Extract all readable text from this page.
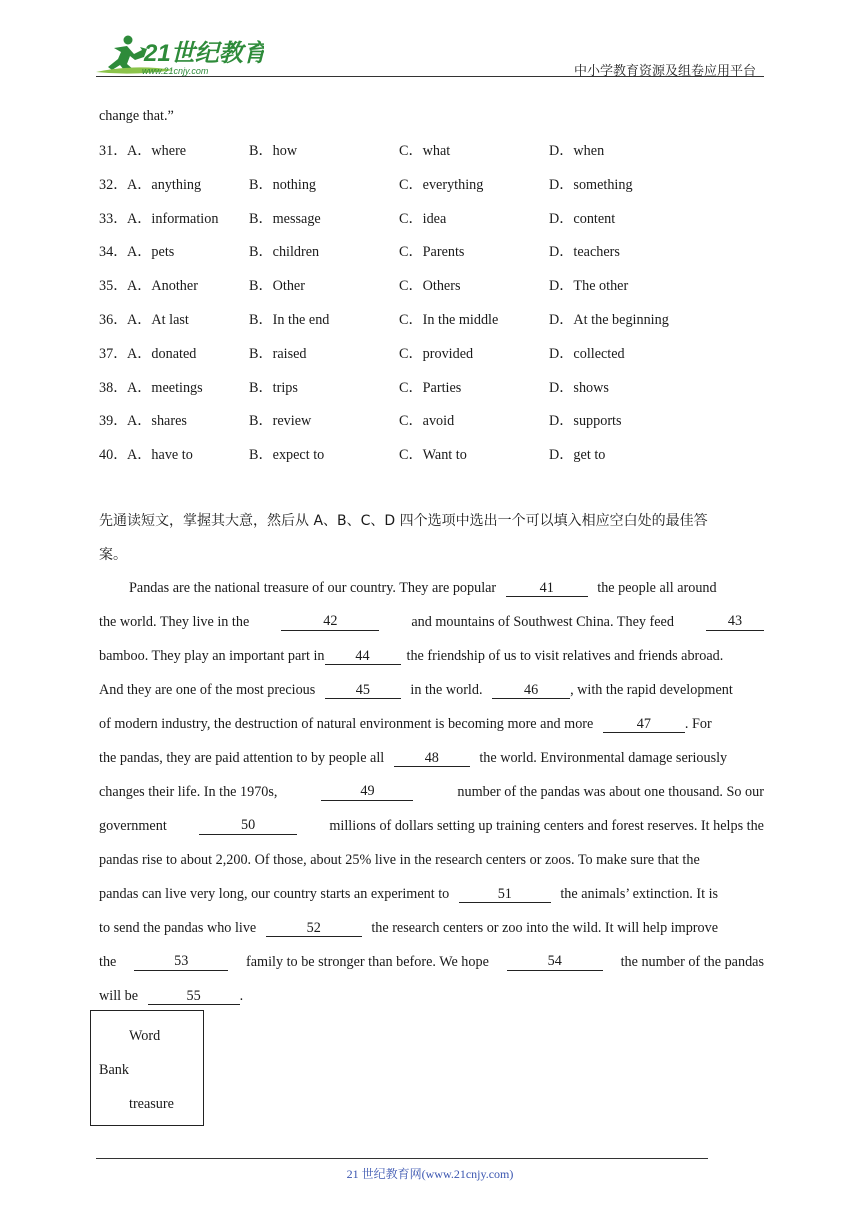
21世纪教育
www.21cnjy.com	中小学教育资源及组卷应用平台
change that.”
31． A．where	B．how	C．what	D．when
32． A．anything	B．nothing	C．everything	D．something
33． A．information B．message	C．idea	D．content
34． A．pets	B．children	C．Parents	D．teachers
35． A．Another	B．Other	C．Others	D．The other
36． A．At last	B．In the end	C．In the middle	D．At the beginning
37． A．donated	B．raised	C．provided	D．collected
38． A．meetings	B．trips	C．Parties	D．shows
39． A．shares	B．review	C．avoid	D．supports
40． A．have to	B．expect to	C．Want to	D．get to
先通读短文，掌握其大意，然后从 A、B、C、D 四个选项中选出一个可以填入相应空白处的最佳答
案。
Pandas are the national treasure of our country. They are popular	41	the people all around
the world. They live in the	42	and mountains of Southwest China. They feed	43
bamboo. They play an important part in 44	the friendship of us to visit relatives and friends abroad.
And they are one of the most precious	45	in the world.	46 , with the rapid development
of modern industry, the destruction of natural environment is becoming more and more	47 . For
the pandas, they are paid attention to by people all	48	the world. Environmental damage seriously
changes their life. In the 1970s,	49	number of the pandas was about one thousand. So our
government	50	millions of dollars setting up training centers and forest reserves. It helps the
pandas rise to about 2,200. Of those, about 25% live in the research centers or zoos. To make sure that the
pandas can live very long, our country starts an experiment to	51	the animals’ extinction. It is
to send the pandas who live	52	the research centers or zoo into the wild. It will help improve
the	53	family to be stronger than before. We hope	54	the number of the pandas
will be	55	.
Word
Bank
treasure
21 世纪教育网(www.21cnjy.com)
